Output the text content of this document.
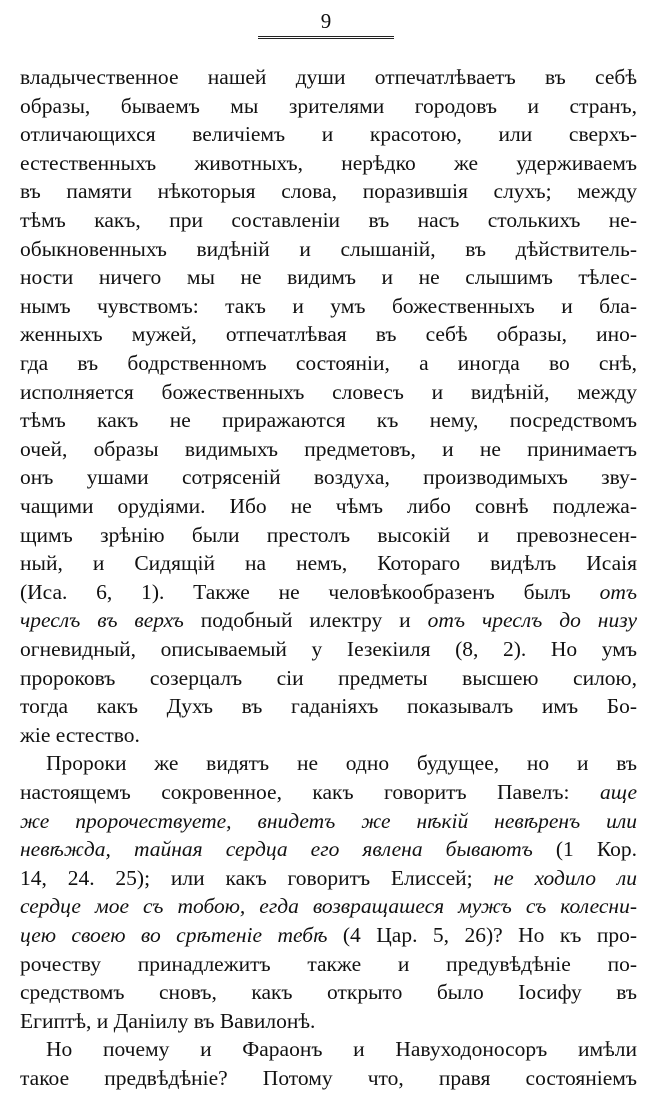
9
владычественное нашей души отпечатлѣваетъ въ себѣ
образы, бываемъ мы зрителями городовъ и странъ,
отличающихся величіемъ и красотою, или сверхъ-
естественныхъ животныхъ, нерѣдко же удерживаемъ
въ памяти нѣкоторыя слова, поразившія слухъ; между
тѣмъ какъ, при составленіи въ насъ столькихъ не-
обыкновенныхъ видѣній и слышаній, въ дѣйствитель-
ности ничего мы не видимъ и не слышимъ тѣлес-
нымъ чувствомъ: такъ и умъ божественныхъ и бла-
женныхъ мужей, отпечатлѣвая въ себѣ образы, ино-
гда въ бодрственномъ состояніи, а иногда во снѣ,
исполняется божественныхъ словесъ и видѣній, между
тѣмъ какъ не приражаются къ нему, посредствомъ
очей, образы видимыхъ предметовъ, и не принимаетъ
онъ ушами сотрясеній воздуха, производимыхъ зву-
чащими орудіями. Ибо не чѣмъ либо совнѣ подлежа-
щимъ зрѣнію были престолъ высокій и превознесен-
ный, и Сидящій на немъ, Котораго видѣлъ Исаія
(Иса. 6, 1). Также не человѣкообразенъ былъ отъ
чреслъ въ верхъ подобный илектру и отъ чреслъ до низу
огневидный, описываемый у Іезекіиля (8, 2). Но умъ
пророковъ созерцалъ сіи предметы высшею силою,
тогда какъ Духъ въ гаданіяхъ показывалъ имъ Бо-
жіе естество.
Пророки же видятъ не одно будущее, но и въ
настоящемъ сокровенное, какъ говоритъ Павелъ: аще
же пророчествуете, внидетъ же нѣкій невѣренъ или
невѣжда, тайная сердца его явлена бываютъ (1 Кор.
14, 24. 25); или какъ говоритъ Елиссей; не ходило ли
сердце мое съ тобою, егда возвращашеся мужъ съ колесни-
цею своею во срѣтеніе тебѣ (4 Цар. 5, 26)? Но къ про-
рочеству принадлежитъ также и предувѣдѣніе по-
средствомъ сновъ, какъ открыто было Іосифу въ
Египтѣ, и Даніилу въ Вавилонѣ.
Но почему и Фараонъ и Навуходоносоръ имѣли
такое предвѣдѣніе? Потому что, правя состояніемъ
